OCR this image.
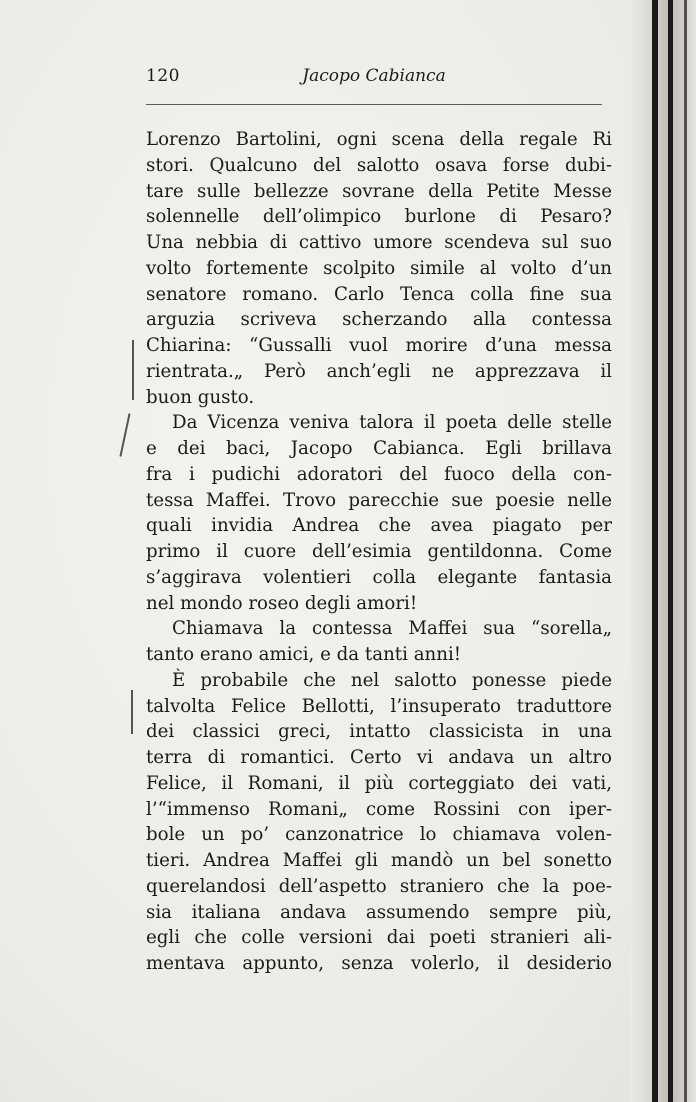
120	Jacopo Cabianca
Lorenzo Bartolini, ogni scena della regale Ri
stori. Qualcuno del salotto osava forse dubi-
tare sulle bellezze sovrane della Petite Messe
solennelle dell’olimpico burlone di Pesaro?
Una nebbia di cattivo umore scendeva sul suo
volto fortemente scolpito simile al volto d’un
senatore romano. Carlo Tenca colla fine sua
arguzia scriveva scherzando alla contessa
Chiarina: “Gussalli vuol morire d’una messa
rientrata.„ Però anch’egli ne apprezzava il
buon gusto.
Da Vicenza veniva talora il poeta delle stelle
e dei baci, Jacopo Cabianca. Egli brillava
fra i pudichi adoratori del fuoco della con-
tessa Maffei. Trovo parecchie sue poesie nelle
quali invidia Andrea che avea piagato per
primo il cuore dell’esimia gentildonna. Come
s’aggirava volentieri colla elegante fantasia
nel mondo roseo degli amori!
Chiamava la contessa Maffei sua “sorella„
tanto erano amici, e da tanti anni!
È probabile che nel salotto ponesse piede
talvolta Felice Bellotti, l’insuperato traduttore
dei classici greci, intatto classicista in una
terra di romantici. Certo vi andava un altro
Felice, il Romani, il più corteggiato dei vati,
l’“immenso Romani„ come Rossini con iper-
bole un po’ canzonatrice lo chiamava volen-
tieri. Andrea Maffei gli mandò un bel sonetto
querelandosi dell’aspetto straniero che la poe-
sia italiana andava assumendo sempre più,
egli che colle versioni dai poeti stranieri ali-
mentava appunto, senza volerlo, il desiderio
